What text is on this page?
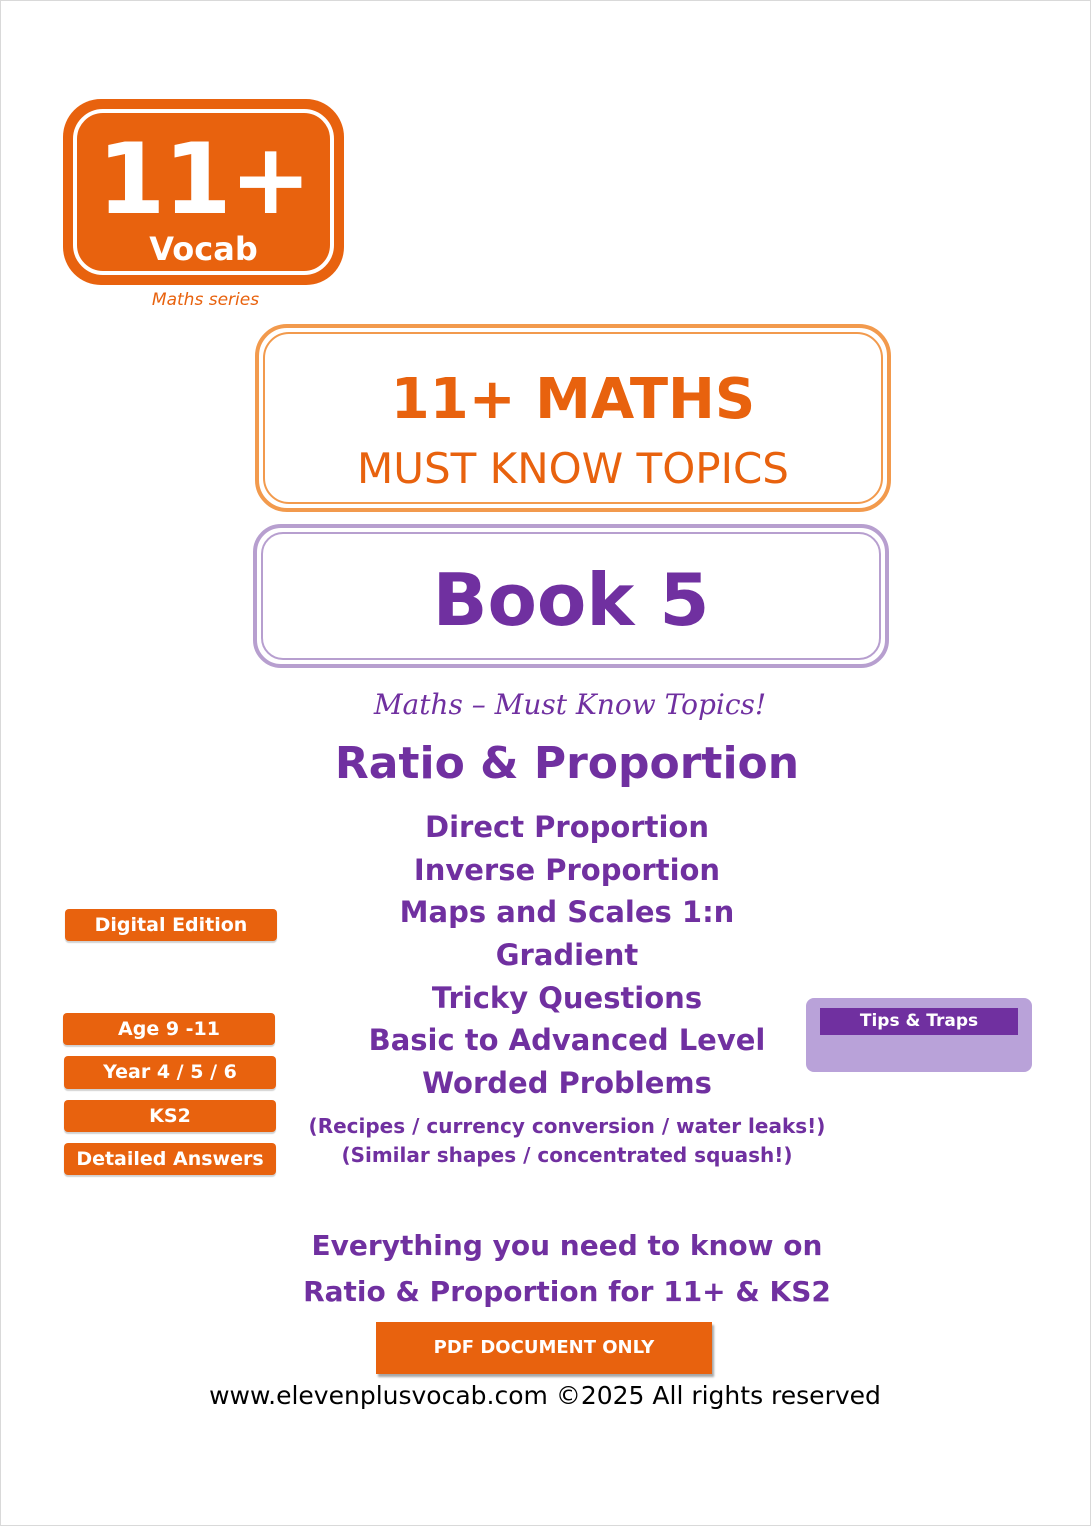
11+
Vocab
Maths series
11+ MATHS
MUST KNOW TOPICS
Book 5
Maths – Must Know Topics!
Ratio & Proportion
Direct Proportion
Inverse Proportion
Maps and Scales 1:n
Gradient
Tricky Questions
Basic to Advanced Level
Worded Problems
(Recipes / currency conversion / water leaks!)
(Similar shapes / concentrated squash!)
Digital Edition
Age 9 -11
Year 4 / 5 / 6
KS2
Detailed Answers
Tips & Traps
Everything you need to know on
Ratio & Proportion for 11+ & KS2
PDF DOCUMENT ONLY
www.elevenplusvocab.com ©2025 All rights reserved
